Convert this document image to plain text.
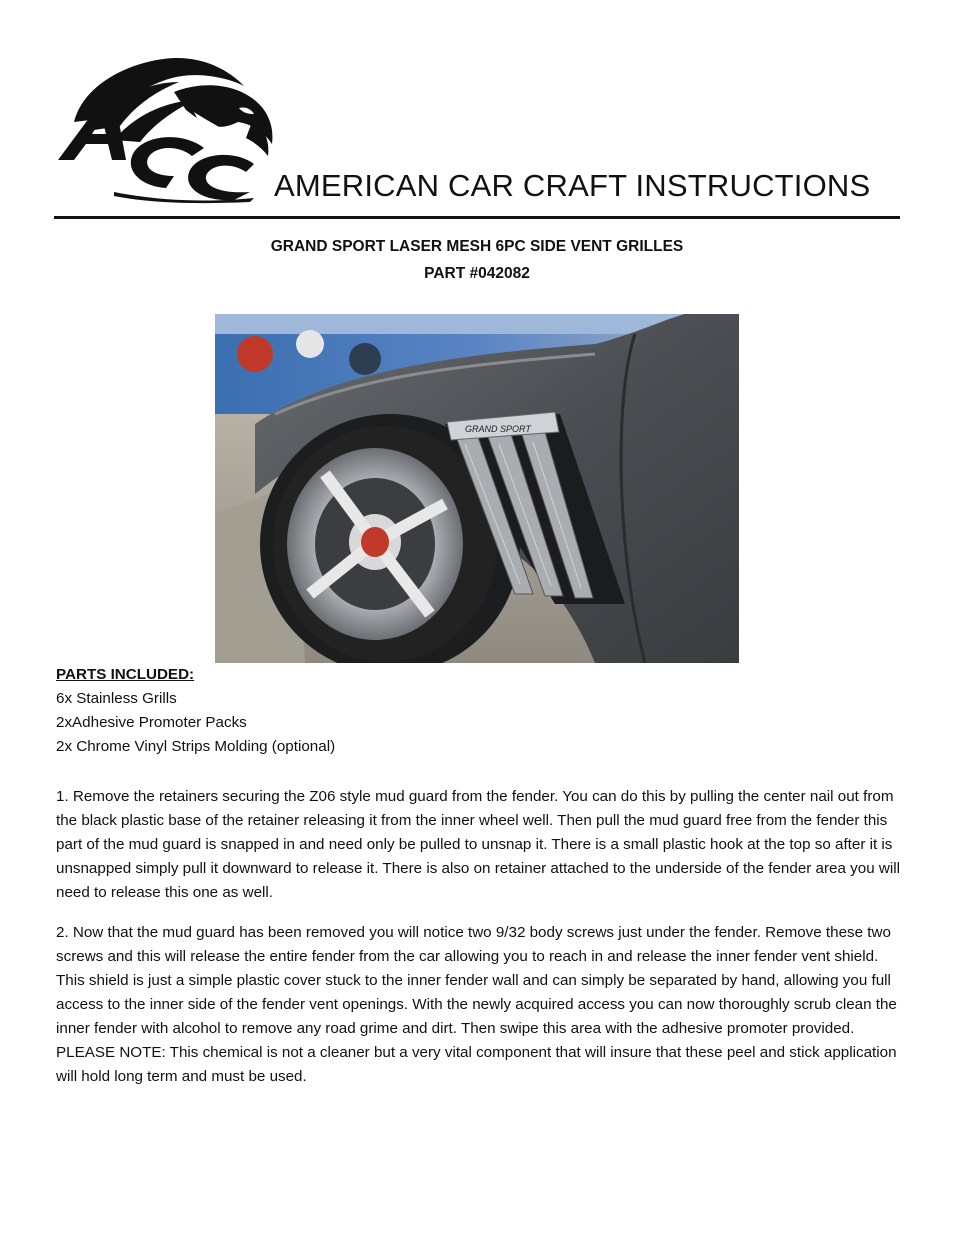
AMERICAN CAR CRAFT INSTRUCTIONS
GRAND SPORT LASER MESH 6PC SIDE VENT GRILLES
PART #042082
GRAND SPORT
PARTS INCLUDED:
6x Stainless Grills
2xAdhesive Promoter Packs
2x Chrome Vinyl Strips Molding (optional)
1. Remove the retainers securing the Z06 style mud guard from the fender. You can do this by pulling the center nail out from the black plastic base of the retainer releasing it from the inner wheel well. Then pull the mud guard free from the fender this part of the mud guard is snapped in and need only be pulled to unsnap it. There is a small plastic hook at the top so after it is unsnapped simply pull it downward to release it. There is also on retainer attached to the underside of the fender area you will need to release this one as well.
2. Now that the mud guard has been removed you will notice two 9/32 body screws just under the fender. Remove these two screws and this will release the entire fender from the car allowing you to reach in and release the inner fender vent shield. This shield is just a simple plastic cover stuck to the inner fender wall and can simply be separated by hand, allowing you full access to the inner side of the fender vent openings. With the newly acquired access you can now thoroughly scrub clean the inner fender with alcohol to remove any road grime and dirt. Then swipe this area with the adhesive promoter provided. PLEASE NOTE: This chemical is not a cleaner but a very vital component that will insure that these peel and stick application will hold long term and must be used.
